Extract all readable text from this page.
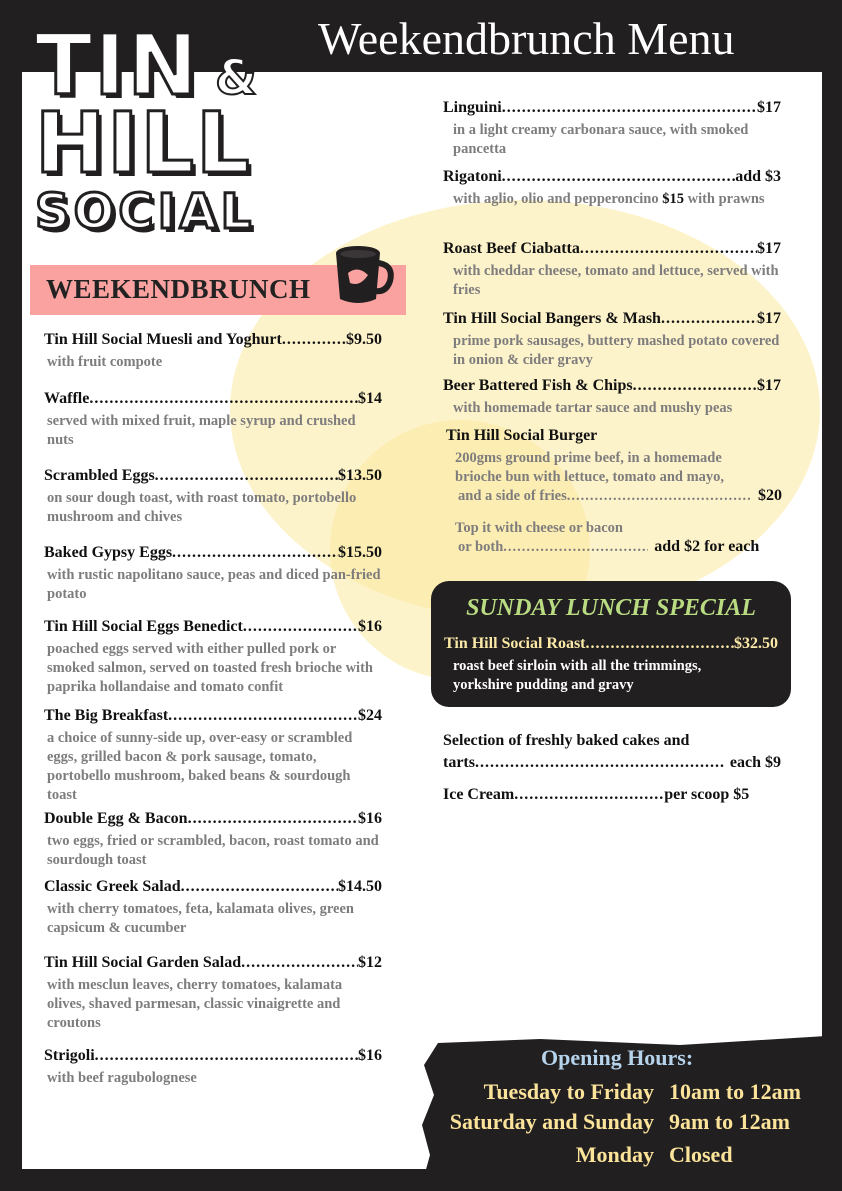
TIN &
HILL
SOCIAL
Weekendbrunch Menu
WEEKENDBRUNCH
Tin Hill Social Muesli and Yoghurt .....	$9.50
with fruit compote
Waffle .....	$14
served with mixed fruit, maple syrup and crushed nuts
Scrambled Eggs .....	$13.50
on sour dough toast, with roast tomato, portobello mushroom and chives
Baked Gypsy Eggs .....	$15.50
with rustic napolitano sauce, peas and diced pan-fried potato
Tin Hill Social Eggs Benedict .....	$16
poached eggs served with either pulled pork or smoked salmon, served on toasted fresh brioche with paprika hollandaise and tomato confit
The Big Breakfast .....	$24
a choice of sunny-side up, over-easy or scrambled eggs, grilled bacon & pork sausage, tomato, portobello mushroom, baked beans & sourdough toast
Double Egg & Bacon .....	$16
two eggs, fried or scrambled, bacon, roast tomato and sourdough toast
Classic Greek Salad .....	$14.50
with cherry tomatoes, feta, kalamata olives, green capsicum & cucumber
Tin Hill Social Garden Salad .....	$12
with mesclun leaves, cherry tomatoes, kalamata olives, shaved parmesan, classic vinaigrette and croutons
Strigoli .....	$16
with beef ragubolognese
Linguini .....	$17
in a light creamy carbonara sauce, with smoked pancetta
Rigatoni .....	add $3
with aglio, olio and pepperoncino $15 with prawns
Roast Beef Ciabatta .....	$17
with cheddar cheese, tomato and lettuce, served with fries
Tin Hill Social Bangers & Mash .....	$17
prime pork sausages, buttery mashed potato covered in onion & cider gravy
Beer Battered Fish & Chips .....	$17
with homemade tartar sauce and mushy peas
Tin Hill Social Burger
200gms ground prime beef, in a homemade
brioche bun with lettuce, tomato and mayo,
and a side of fries .....	$20
Top it with cheese or bacon
or both .....	add $2 for each
SUNDAY LUNCH SPECIAL
Tin Hill Social Roast .....	$32.50
roast beef sirloin with all the trimmings, yorkshire pudding and gravy
Selection of freshly baked cakes and
tarts .....	each $9
Ice Cream .....	per scoop $5
Opening Hours:
Tuesday to Friday 10am to 12am
Saturday and Sunday 9am to 12am
Monday Closed
